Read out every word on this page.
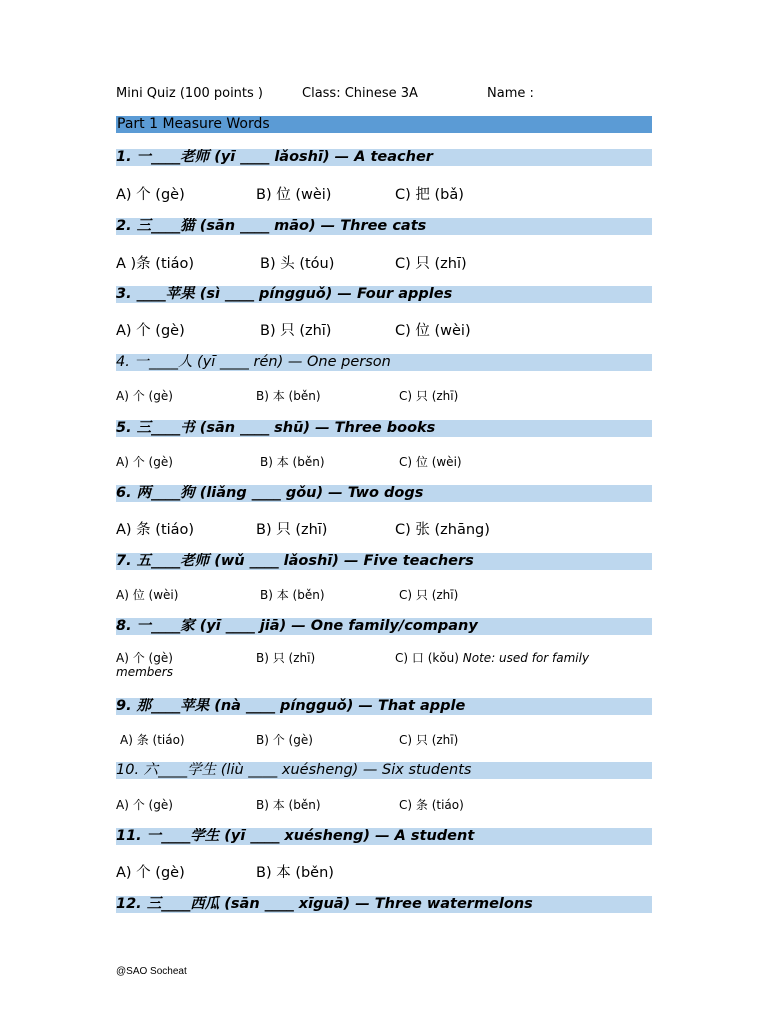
Mini Quiz (100 points )	Class: Chinese 3A	Name :
Part 1 Measure Words
1. 一____老师 (yī ____ lǎoshī) — A teacher
A) 个 (gè)	B) 位 (wèi)	C) 把 (bǎ)
2. 三____猫 (sān ____ māo) — Three cats
A )条 (tiáo)	B) 头 (tóu)	C) 只 (zhī)
3. ____苹果 (sì ____ píngguǒ) — Four apples
A) 个 (gè)	B) 只 (zhī)	C) 位 (wèi)
4. 一____人 (yī ____ rén) — One person
A) 个 (gè)	B) 本 (běn)	C) 只 (zhī)
5. 三____书 (sān ____ shū) — Three books
A) 个 (gè)	B) 本 (běn)	C) 位 (wèi)
6. 两____狗 (liǎng ____ gǒu) — Two dogs
A) 条 (tiáo)	B) 只 (zhī)	C) 张 (zhāng)
7. 五____老师 (wǔ ____ lǎoshī) — Five teachers
A) 位 (wèi)	B) 本 (běn)	C) 只 (zhī)
8. 一____家 (yī ____ jiā) — One family/company
A) 个 (gè)	B) 只 (zhī)	C) 口 (kǒu) Note: used for family
members
9. 那____苹果 (nà ____ píngguǒ) — That apple
A) 条 (tiáo)	B) 个 (gè)	C) 只 (zhī)
10. 六____学生 (liù ____ xuésheng) — Six students
A) 个 (gè)	B) 本 (běn)	C) 条 (tiáo)
11. 一____学生 (yī ____ xuésheng) — A student
A) 个 (gè)	B) 本 (běn)
12. 三____西瓜 (sān ____ xīguā) — Three watermelons
@SAO Socheat
